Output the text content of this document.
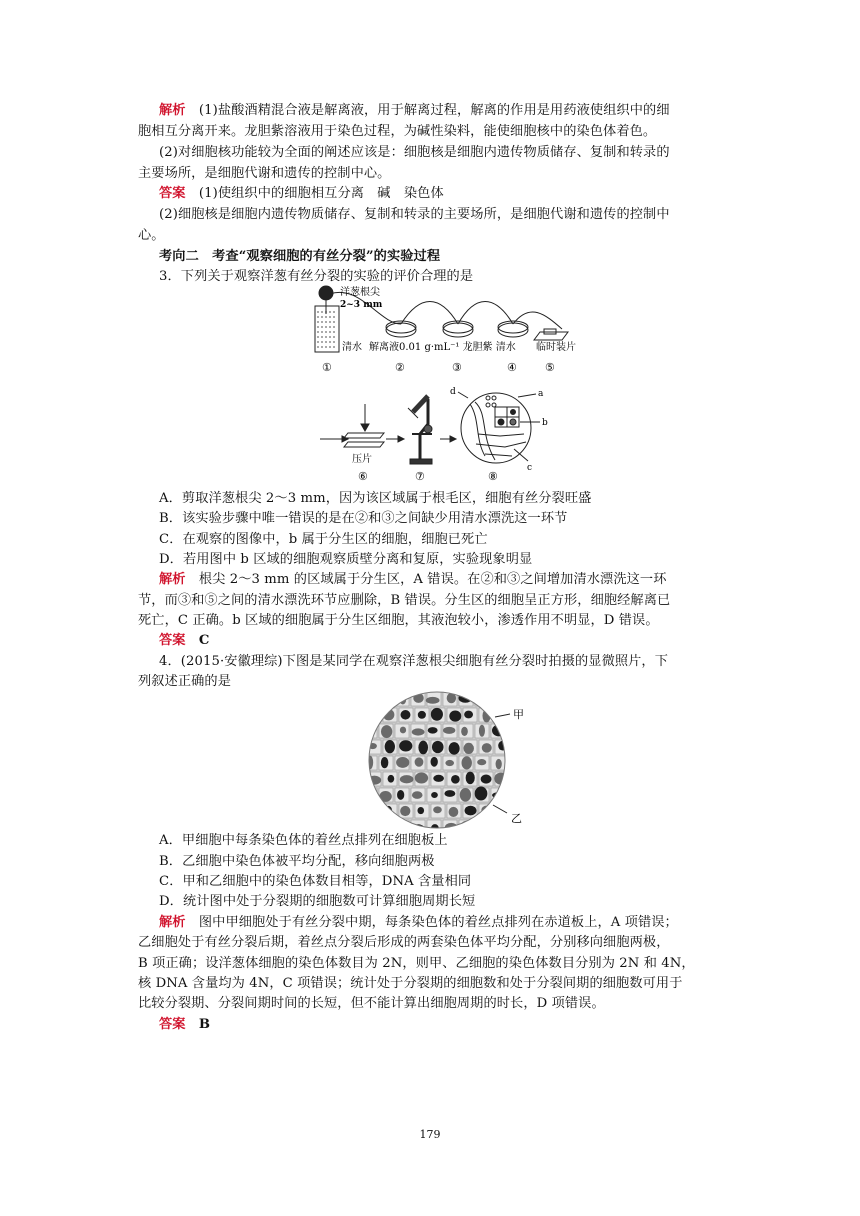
解析　 (1)盐酸酒精混合液是解离液，用于解离过程，解离的作用是用药液使组织中的细
胞相互分离开来。龙胆紫溶液用于染色过程，为碱性染料，能使细胞核中的染色体着色。
(2)对细胞核功能较为全面的阐述应该是：细胞核是细胞内遗传物质储存、复制和转录的
主要场所，是细胞代谢和遗传的控制中心。
答案　 (1)使组织中的细胞相互分离　碱　染色体
(2)细胞核是细胞内遗传物质储存、复制和转录的主要场所，是细胞代谢和遗传的控制中
心。
考向二　考查“观察细胞的有丝分裂”的实验过程
3．下列关于观察洋葱有丝分裂的实验的评价合理的是
洋葱根尖
2~3 mm
清水 解离液0.01 g·mL⁻¹ 龙胆紫 清水 临时装片
①	②	③	④	⑤
压片
⑥	⑦	⑧
a
b
c
d
A．剪取洋葱根尖 2～3 mm，因为该区域属于根毛区，细胞有丝分裂旺盛
B．该实验步骤中唯一错误的是在②和③之间缺少用清水漂洗这一环节
C．在观察的图像中，b 属于分生区的细胞，细胞已死亡
D．若用图中 b 区域的细胞观察质壁分离和复原，实验现象明显
解析　 根尖 2～3 mm 的区域属于分生区，A 错误。在②和③之间增加清水漂洗这一环
节，而③和⑤之间的清水漂洗环节应删除，B 错误。分生区的细胞呈正方形，细胞经解离已
死亡，C 正确。b 区域的细胞属于分生区细胞，其液泡较小，渗透作用不明显，D 错误。
答案　 C
4．(2015·安徽理综)下图是某同学在观察洋葱根尖细胞有丝分裂时拍摄的显微照片，下
列叙述正确的是
甲
乙
A．甲细胞中每条染色体的着丝点排列在细胞板上
B．乙细胞中染色体被平均分配，移向细胞两极
C．甲和乙细胞中的染色体数目相等，DNA 含量相同
D．统计图中处于分裂期的细胞数可计算细胞周期长短
解析　 图中甲细胞处于有丝分裂中期，每条染色体的着丝点排列在赤道板上，A 项错误；
乙细胞处于有丝分裂后期，着丝点分裂后形成的两套染色体平均分配，分别移向细胞两极，
B 项正确；设洋葱体细胞的染色体数目为 2N，则甲、乙细胞的染色体数目分别为 2N 和 4N，
核 DNA 含量均为 4N，C 项错误；统计处于分裂期的细胞数和处于分裂间期的细胞数可用于
比较分裂期、分裂间期时间的长短，但不能计算出细胞周期的时长，D 项错误。
答案　 B
179
